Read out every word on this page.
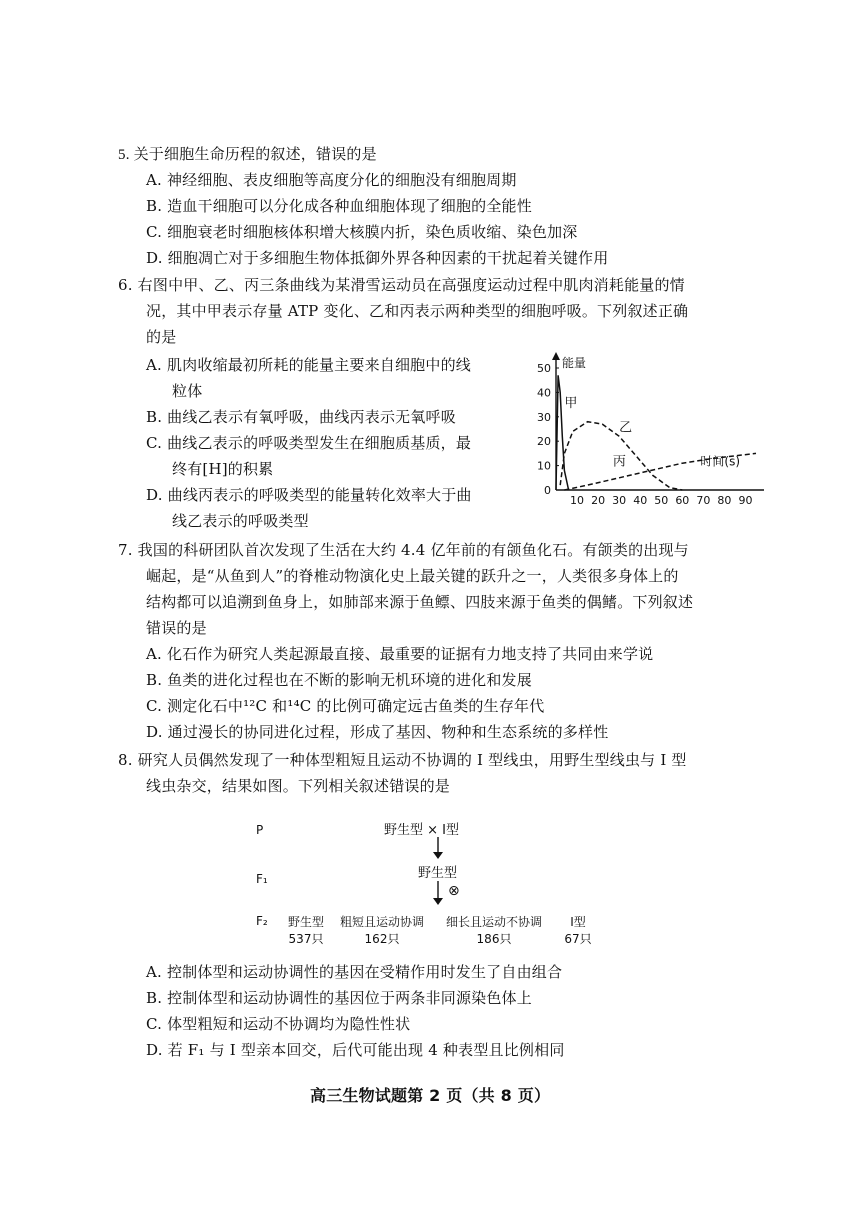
5. 关于细胞生命历程的叙述，错误的是
A. 神经细胞、表皮细胞等高度分化的细胞没有细胞周期
B. 造血干细胞可以分化成各种血细胞体现了细胞的全能性
C. 细胞衰老时细胞核体积增大核膜内折，染色质收缩、染色加深
D. 细胞凋亡对于多细胞生物体抵御外界各种因素的干扰起着关键作用
6. 右图中甲、乙、丙三条曲线为某滑雪运动员在高强度运动过程中肌肉消耗能量的情
况，其中甲表示存量 ATP 变化、乙和丙表示两种类型的细胞呼吸。下列叙述正确
的是
A. 肌肉收缩最初所耗的能量主要来自细胞中的线
粒体
B. 曲线乙表示有氧呼吸，曲线丙表示无氧呼吸
C. 曲线乙表示的呼吸类型发生在细胞质基质，最
终有[H]的积累
D. 曲线丙表示的呼吸类型的能量转化效率大于曲
线乙表示的呼吸类型
0
10
20
30
40
50
10 20 30 40 50 60 70 80 90
能量
时间(s)
甲
乙
丙
7. 我国的科研团队首次发现了生活在大约 4.4 亿年前的有颌鱼化石。有颌类的出现与
崛起，是“从鱼到人”的脊椎动物演化史上最关键的跃升之一，人类很多身体上的
结构都可以追溯到鱼身上，如肺部来源于鱼鳔、四肢来源于鱼类的偶鳍。下列叙述
错误的是
A. 化石作为研究人类起源最直接、最重要的证据有力地支持了共同由来学说
B. 鱼类的进化过程也在不断的影响无机环境的进化和发展
C. 测定化石中¹²C 和¹⁴C 的比例可确定远古鱼类的生存年代
D. 通过漫长的协同进化过程，形成了基因、物种和生态系统的多样性
8. 研究人员偶然发现了一种体型粗短且运动不协调的 Ⅰ 型线虫，用野生型线虫与 Ⅰ 型
线虫杂交，结果如图。下列相关叙述错误的是
P	野生型 × Ⅰ型
F₁	野生型
⊗
F₂	野生型
537只
粗短且运动协调
162只
细长且运动不协调
186只
Ⅰ型
67只
A. 控制体型和运动协调性的基因在受精作用时发生了自由组合
B. 控制体型和运动协调性的基因位于两条非同源染色体上
C. 体型粗短和运动不协调均为隐性性状
D. 若 F₁ 与 Ⅰ 型亲本回交，后代可能出现 4 种表型且比例相同
高三生物试题第 2 页（共 8 页）
